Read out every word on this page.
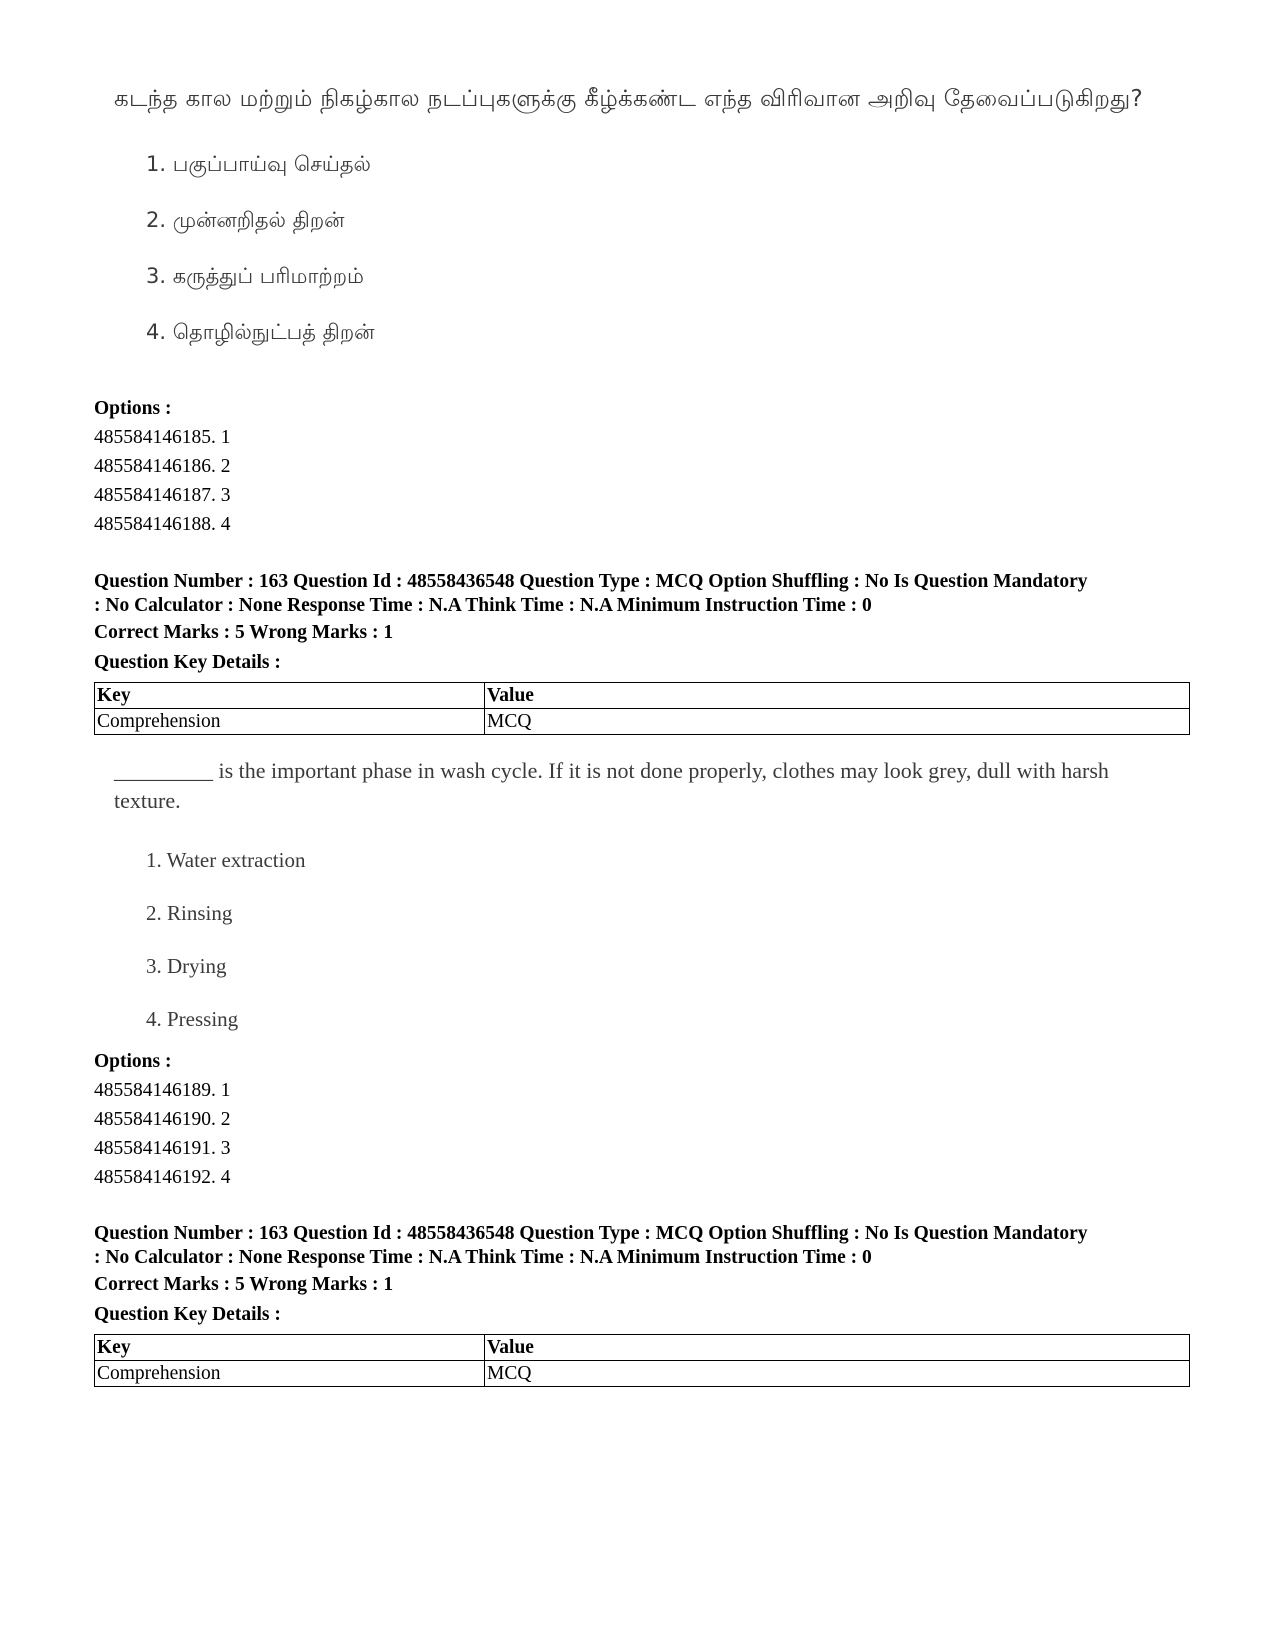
கடந்த கால மற்றும் நிகழ்கால நடப்புகளுக்கு கீழ்க்கண்ட எந்த விரிவான அறிவு தேவைப்படுகிறது?

1. பகுப்பாய்வு செய்தல்
2. முன்னறிதல் திறன்
3. கருத்துப் பரிமாற்றம்
4. தொழில்நுட்பத் திறன்
Options :
485584146185. 1
485584146186. 2
485584146187. 3
485584146188. 4

Question Number : 163 Question Id : 48558436548 Question Type : MCQ Option Shuffling : No Is Question Mandatory

: No Calculator : None Response Time : N.A Think Time : N.A Minimum Instruction Time : 0

Correct Marks : 5 Wrong Marks : 1
Question Key Details :
Key	Value
Comprehension	MCQ

_________ is the important phase in wash cycle. If it is not done properly, clothes may look grey, dull with harsh texture.

1. Water extraction
2. Rinsing
3. Drying
4. Pressing
Options :
485584146189. 1
485584146190. 2
485584146191. 3
485584146192. 4

Question Number : 163 Question Id : 48558436548 Question Type : MCQ Option Shuffling : No Is Question Mandatory

: No Calculator : None Response Time : N.A Think Time : N.A Minimum Instruction Time : 0

Correct Marks : 5 Wrong Marks : 1
Question Key Details :
Key	Value
Comprehension	MCQ
